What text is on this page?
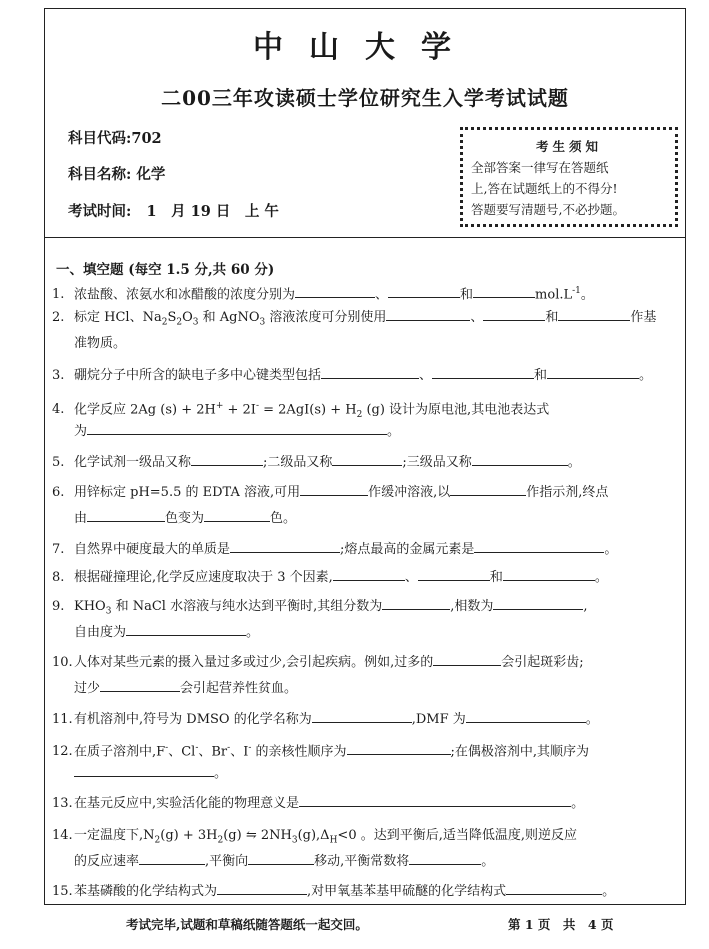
中山大学
二00三年攻读硕士学位研究生入学考试试题
科目代码:702
科目名称: 化学
考试时间: 1　月 19 日　上 午
考生须知
全部答案一律写在答题纸
上,答在试题纸上的不得分!
答题要写清题号,不必抄题。
一、填空题 (每空 1.5 分,共 60 分)
1. 浓盐酸、浓氨水和冰醋酸的浓度分别为	、	和	$mol.L^{-1}$。
2. 标定 HCl、$Na_2S_2O_3$ 和 AgNO$_3$ 溶液浓度可分别使用	、	和	作基
准物质。
3. 硼烷分子中所含的缺电子多中心键类型包括	、	和	。
4. 化学反应 2Ag $(s) + 2H^+ + 2I^- = 2AgI(s) + H_2$ (g) 设计为原电池,其电池表达式
为	。
5. 化学试剂一级品又称	;二级品又称	;三级品又称	。
6. 用锌标定 pH=5.5 的 EDTA 溶液,可用	作缓冲溶液,以	作指示剂,终点
由	色变为	色。
7. 自然界中硬度最大的单质是	;熔点最高的金属元素是	。
8. 根据碰撞理论,化学反应速度取决于 3 个因素,	、	和	。
9. $KHO_3$ 和 NaCl 水溶液与纯水达到平衡时,其组分数为	,相数为	,
自由度为	。
10.人体对某些元素的摄入量过多或过少,会引起疾病。例如,过多的	会引起斑彩齿;
过少	会引起营养性贫血。
11.有机溶剂中,符号为 DMSO 的化学名称为	,DMF 为	。
12.在质子溶剂中,F-、Cl-、Br-、I- 的亲核性顺序为	;在偶极溶剂中,其顺序为
。
13.在基元反应中,实验活化能的物理意义是	。
14.一定温度下$,N_2(g) + 3H_2(g)$ ⇋ $2NH_3(g),\Delta_H<0$ 。达到平衡后,适当降低温度,则逆反应
的反应速率	,平衡向	移动,平衡常数将	。
15.苯基磷酸的化学结构式为	,对甲氧基苯基甲硫醚的化学结构式	。
考试完毕,试题和草稿纸随答题纸一起交回。	第 1 页　共　4 页
